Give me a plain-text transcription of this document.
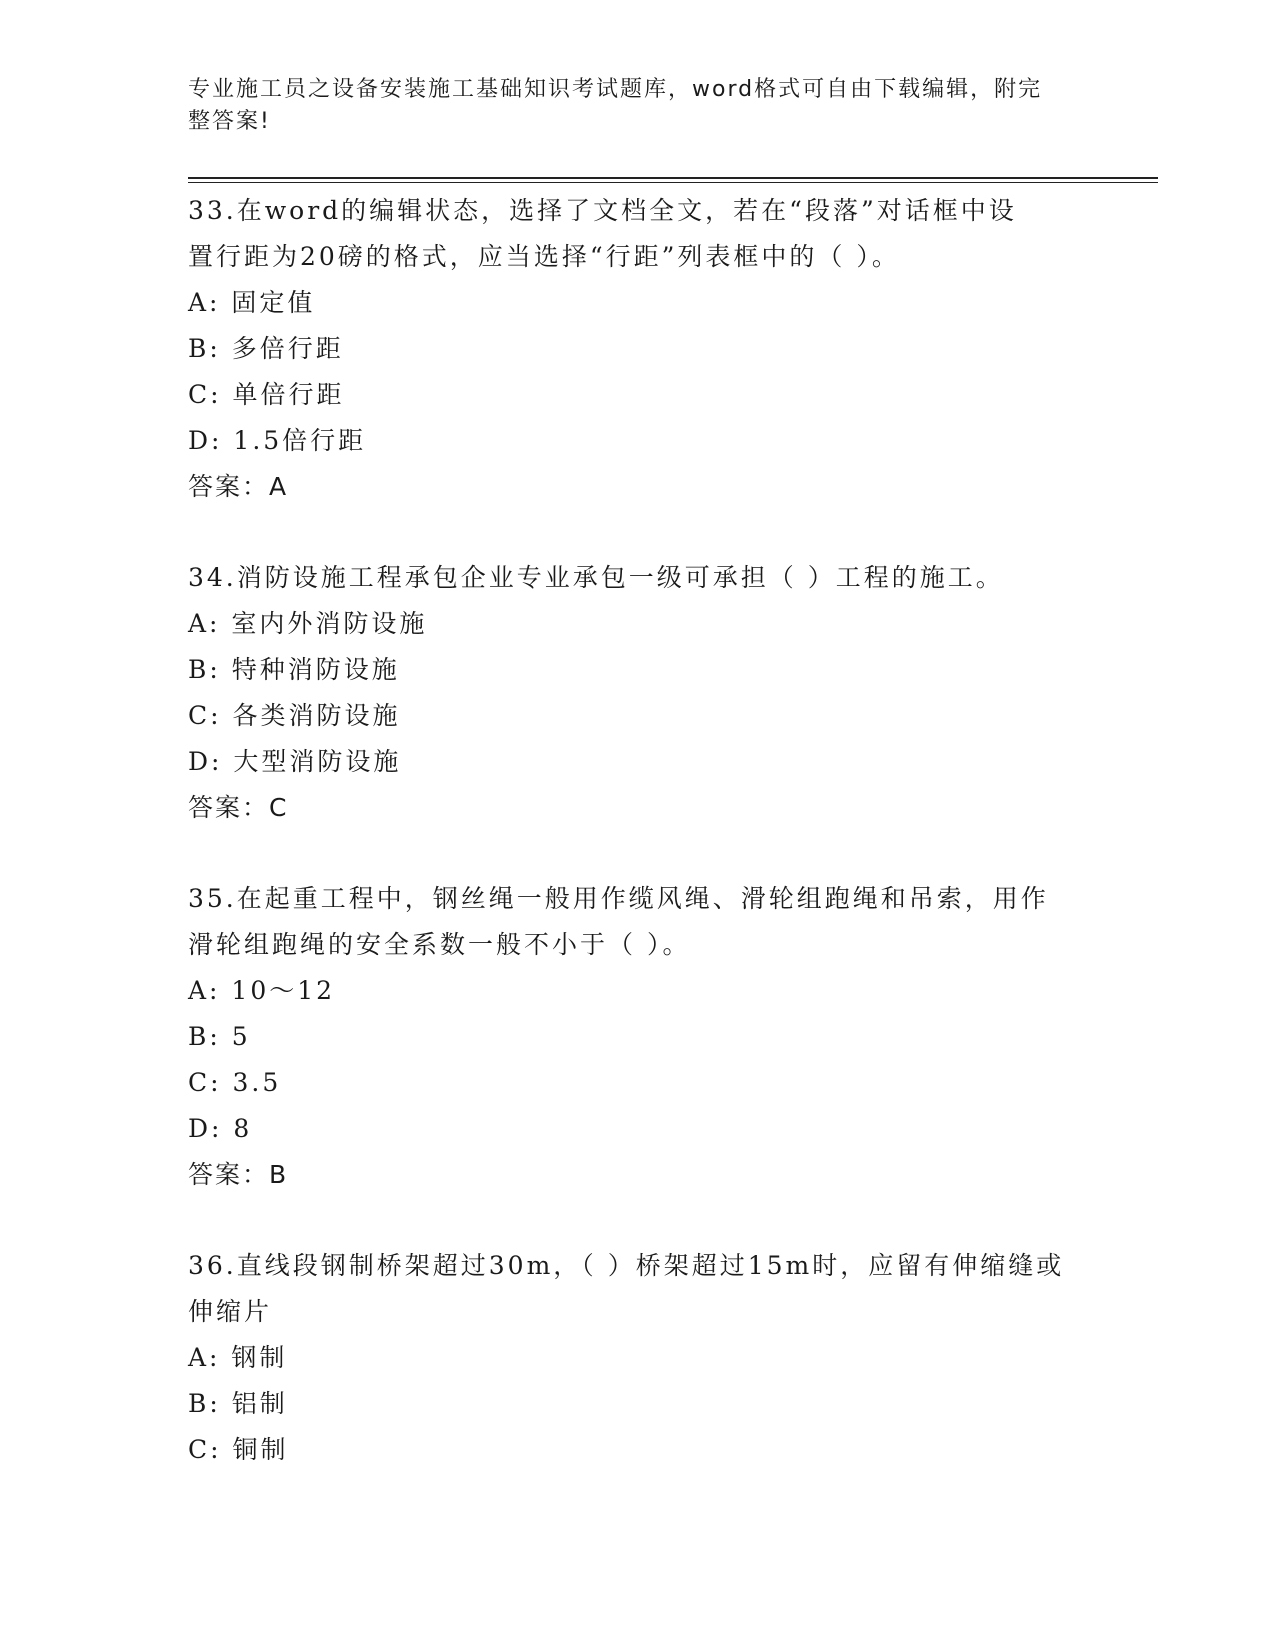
专业施工员之设备安装施工基础知识考试题库，word格式可自由下载编辑，附完
整答案!
33.在word的编辑状态，选择了文档全文，若在“段落”对话框中设
置行距为20磅的格式，应当选择“行距”列表框中的（ ）。
A: 固定值
B: 多倍行距
C: 单倍行距
D: 1.5倍行距
答案：A
34.消防设施工程承包企业专业承包一级可承担（ ）工程的施工。
A: 室内外消防设施
B: 特种消防设施
C: 各类消防设施
D: 大型消防设施
答案：C
35.在起重工程中，钢丝绳一般用作缆风绳、滑轮组跑绳和吊索，用作
滑轮组跑绳的安全系数一般不小于（ ）。
A: 10～12
B: 5
C: 3.5
D: 8
答案：B
36.直线段钢制桥架超过30m，（ ）桥架超过15m时，应留有伸缩缝或
伸缩片
A: 钢制
B: 铝制
C: 铜制
